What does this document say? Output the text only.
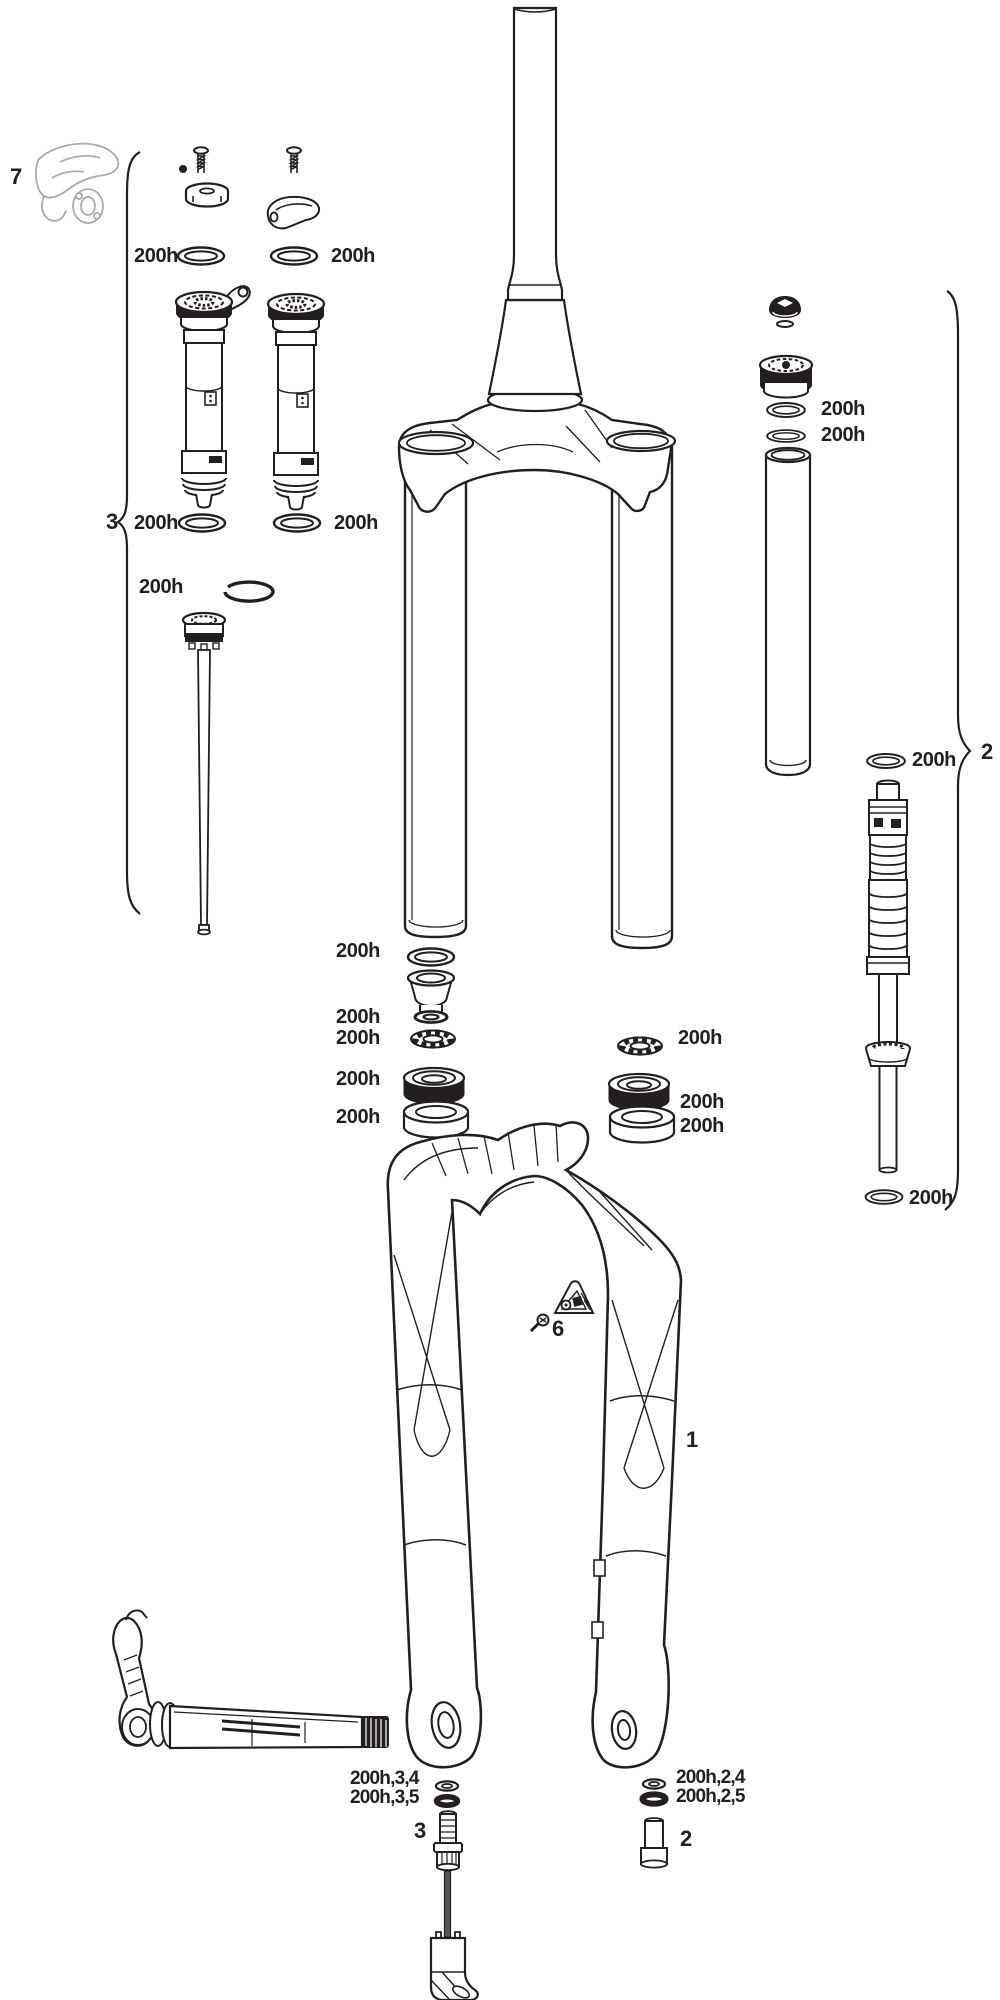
7
200h	200h
3 200h	200h
200h
200h
200h
200h
200h
200h
200h
200h
200h
200h
200h
200h 2
200h
6
1
200h,3,4
200h,3,5
3
200h,2,4
200h,2,5
2
